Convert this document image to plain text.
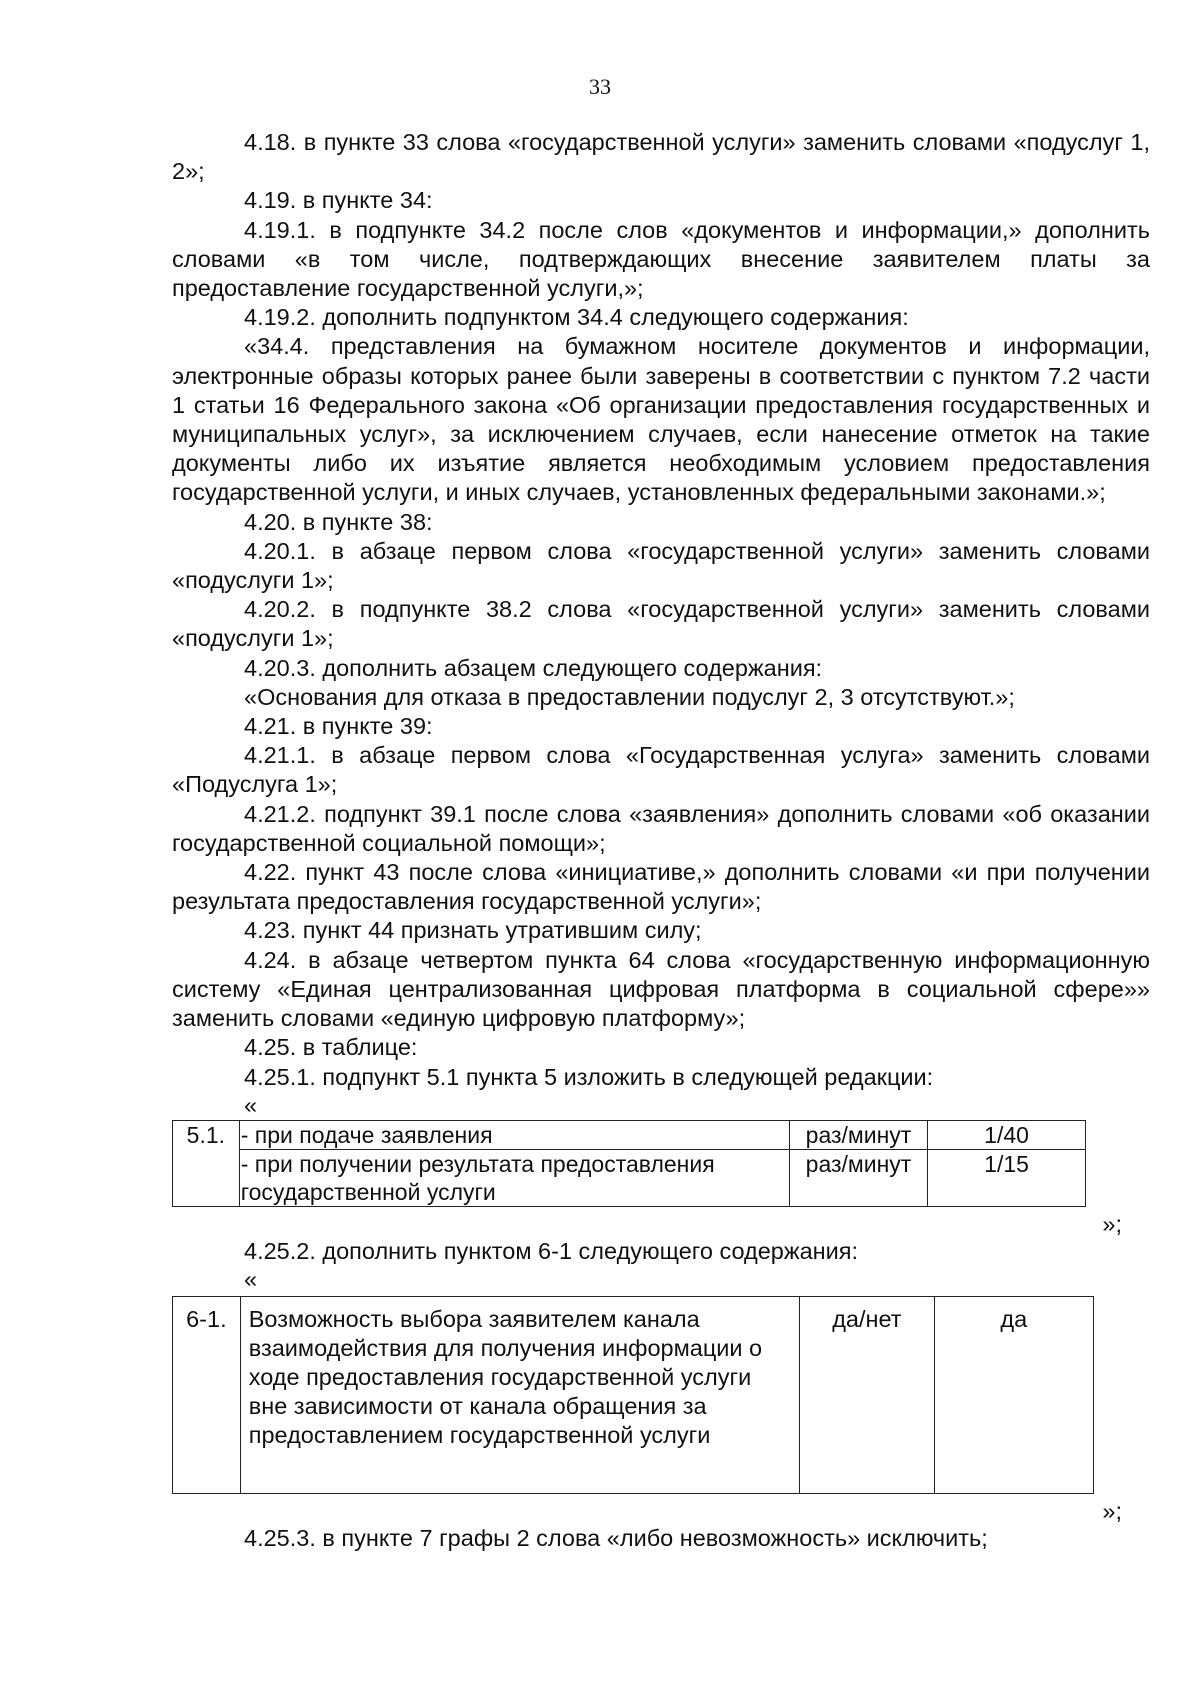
33

4.18. в пункте 33 слова «государственной услуги» заменить словами «подуслуг 1, 2»;

4.19. в пункте 34:

4.19.1. в подпункте 34.2 после слов «документов и информации,» дополнить словами «в том числе, подтверждающих внесение заявителем платы за предоставление государственной услуги,»;

4.19.2. дополнить подпунктом 34.4 следующего содержания:

«34.4. представления на бумажном носителе документов и информации, электронные образы которых ранее были заверены в соответствии с пунктом 7.2 части 1 статьи 16 Федерального закона «Об организации предоставления государственных и муниципальных услуг», за исключением случаев, если нанесение отметок на такие документы либо их изъятие является необходимым условием предоставления государственной услуги, и иных случаев, установленных федеральными законами.»;

4.20. в пункте 38:

4.20.1. в абзаце первом слова «государственной услуги» заменить словами «подуслуги 1»;

4.20.2. в подпункте 38.2 слова «государственной услуги» заменить словами «подуслуги 1»;

4.20.3. дополнить абзацем следующего содержания:

«Основания для отказа в предоставлении подуслуг 2, 3 отсутствуют.»;

4.21. в пункте 39:

4.21.1. в абзаце первом слова «Государственная услуга» заменить словами «Подуслуга 1»;

4.21.2. подпункт 39.1 после слова «заявления» дополнить словами «об оказании государственной социальной помощи»;

4.22. пункт 43 после слова «инициативе,» дополнить словами «и при получении результата предоставления государственной услуги»;

4.23. пункт 44 признать утратившим силу;

4.24. в абзаце четвертом пункта 64 слова «государственную информационную систему «Единая централизованная цифровая платформа в социальной сфере»» заменить словами «единую цифровую платформу»;

4.25. в таблице:

4.25.1. подпункт 5.1 пункта 5 изложить в следующей редакции:

«
5.1.	- при подаче заявления	раз/минут	1/40
	- при получении результата предоставления государственной услуги	раз/минут	1/15
»;

4.25.2. дополнить пунктом 6-1 следующего содержания:

«
6-1.	Возможность выбора заявителем канала взаимодействия для получения информации о ходе предоставления государственной услуги вне зависимости от канала обращения за предоставлением государственной услуги	да/нет	да
»;

4.25.3. в пункте 7 графы 2 слова «либо невозможность» исключить;
